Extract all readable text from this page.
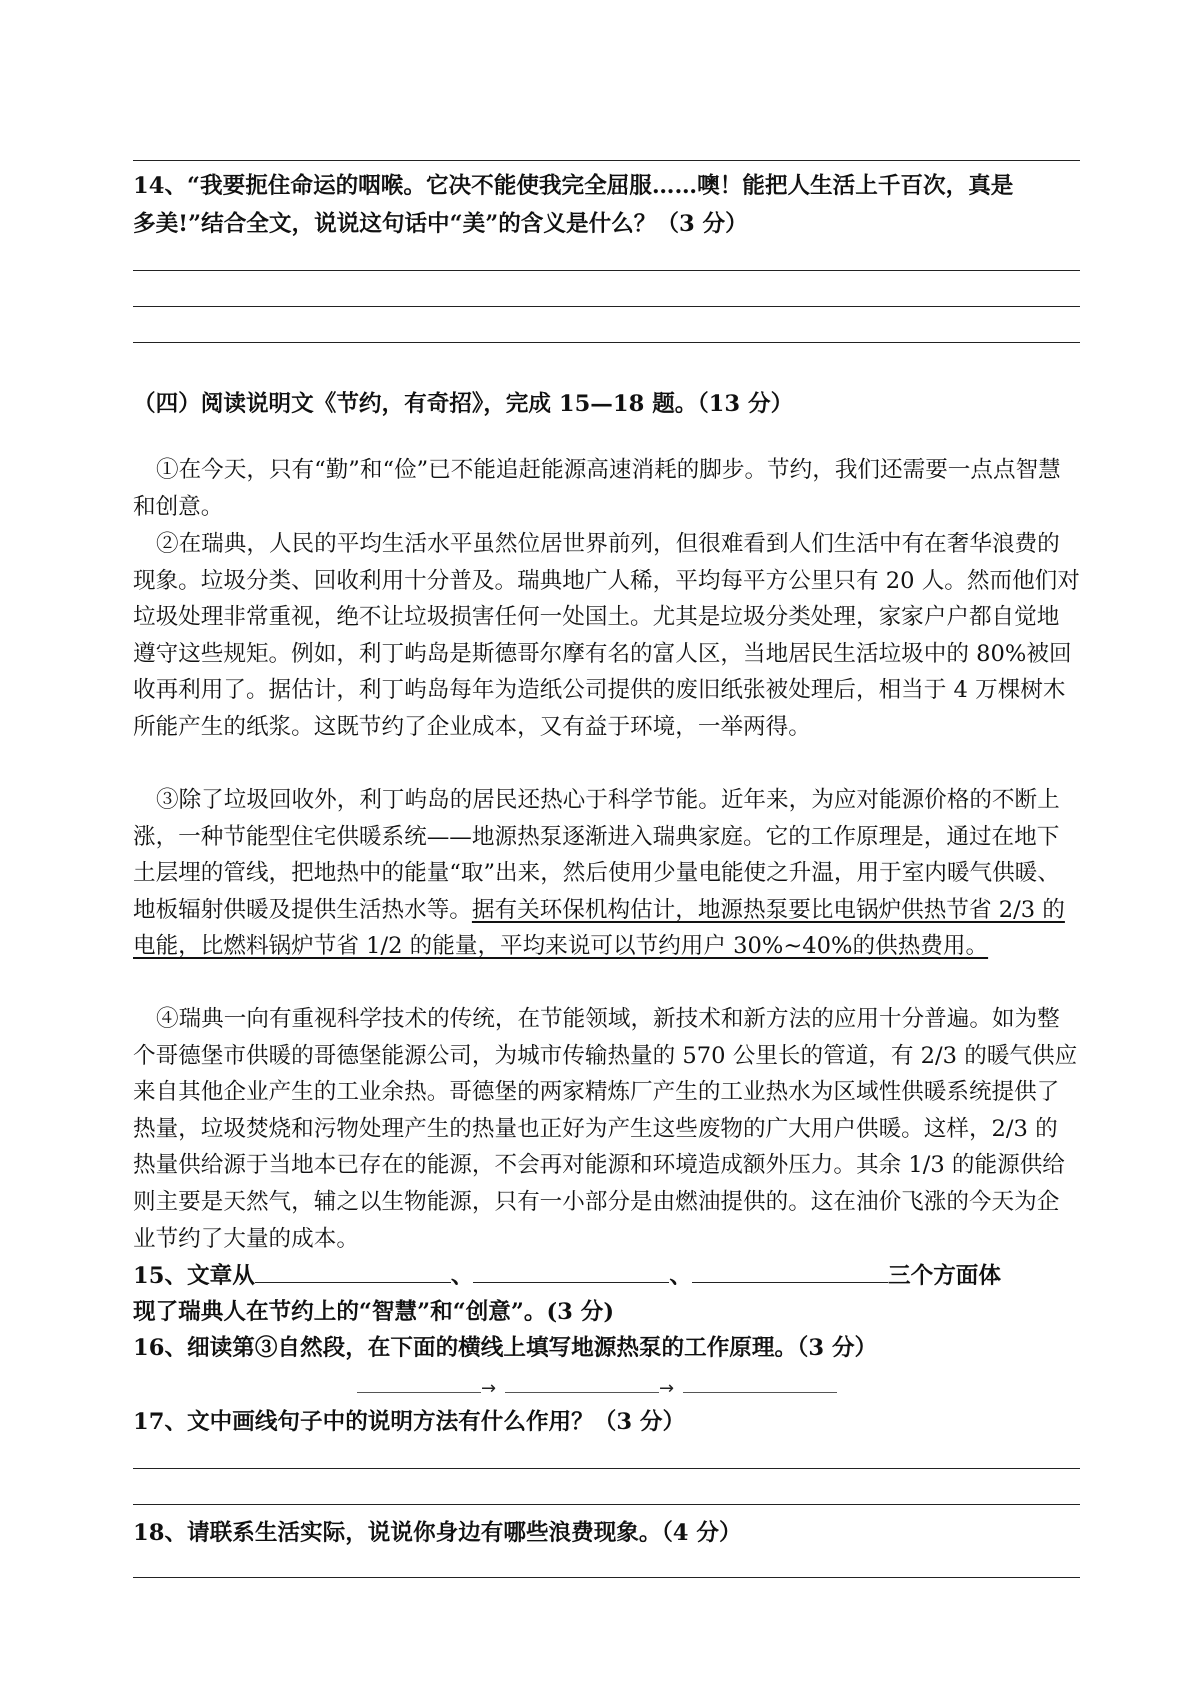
14、“我要扼住命运的咽喉。它决不能使我完全屈服……噢！能把人生活上千百次，真是
多美!”结合全文，说说这句话中“美”的含义是什么？（3 分）
（四）阅读说明文《节约，有奇招》，完成 15—18 题。（13 分）
①在今天，只有“勤”和“俭”已不能追赶能源高速消耗的脚步。节约，我们还需要一点点智慧和创意。
②在瑞典，人民的平均生活水平虽然位居世界前列，但很难看到人们生活中有在奢华浪费的现象。垃圾分类、回收利用十分普及。瑞典地广人稀，平均每平方公里只有 20 人。然而他们对垃圾处理非常重视，绝不让垃圾损害任何一处国土。尤其是垃圾分类处理，家家户户都自觉地遵守这些规矩。例如，利丁屿岛是斯德哥尔摩有名的富人区，当地居民生活垃圾中的 80%被回收再利用了。据估计，利丁屿岛每年为造纸公司提供的废旧纸张被处理后，相当于 4 万棵树木所能产生的纸浆。这既节约了企业成本，又有益于环境，一举两得。
③除了垃圾回收外，利丁屿岛的居民还热心于科学节能。近年来，为应对能源价格的不断上涨，一种节能型住宅供暖系统——地源热泵逐渐进入瑞典家庭。它的工作原理是，通过在地下土层埋的管线，把地热中的能量“取”出来，然后使用少量电能使之升温，用于室内暖气供暖、地板辐射供暖及提供生活热水等。据有关环保机构估计，地源热泵要比电锅炉供热节省 2/3 的电能，比燃料锅炉节省 1/2 的能量，平均来说可以节约用户 30%~40%的供热费用。
④瑞典一向有重视科学技术的传统，在节能领域，新技术和新方法的应用十分普遍。如为整个哥德堡市供暖的哥德堡能源公司，为城市传输热量的 570 公里长的管道，有 2/3 的暖气供应来自其他企业产生的工业余热。哥德堡的两家精炼厂产生的工业热水为区域性供暖系统提供了热量，垃圾焚烧和污物处理产生的热量也正好为产生这些废物的广大用户供暖。这样，2/3 的热量供给源于当地本已存在的能源，不会再对能源和环境造成额外压力。其余 1/3 的能源供给则主要是天然气，辅之以生物能源，只有一小部分是由燃油提供的。这在油价飞涨的今天为企业节约了大量的成本。
15、文章从	、	、	三个方面体
现了瑞典人在节约上的“智慧”和“创意”。(3 分)
16、细读第③自然段，在下面的横线上填写地源热泵的工作原理。（3 分）
→	→
17、文中画线句子中的说明方法有什么作用？（3 分）
18、请联系生活实际，说说你身边有哪些浪费现象。（4 分）
